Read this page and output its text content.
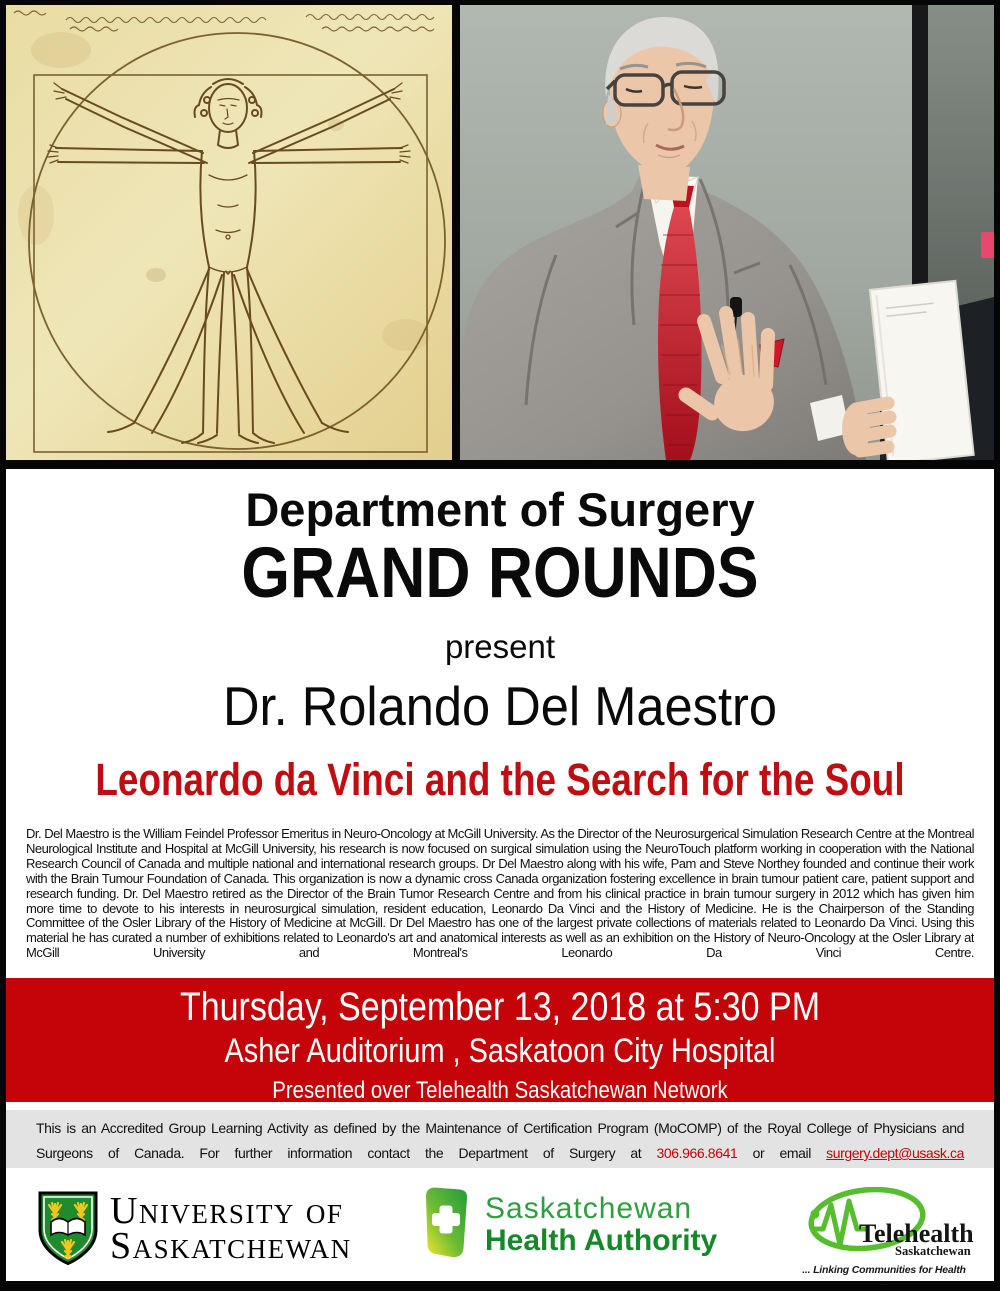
Department of Surgery
GRAND ROUNDS
present
Dr. Rolando Del Maestro
Leonardo da Vinci and the Search for the Soul

Dr. Del Maestro is the William Feindel Professor Emeritus in Neuro-Oncology at McGill University. As the Director of the Neurosurgerical Simulation Research Centre at the Montreal Neurological Institute and Hospital at McGill University, his research is now focused on surgical simulation using the NeuroTouch platform working in cooperation with the National Research Council of Canada and multiple national and international research groups. Dr Del Maestro along with his wife, Pam and Steve Northey founded and continue their work with the Brain Tumour Foundation of Canada. This organization is now a dynamic cross Canada organization fostering excellence in brain tumour patient care, patient support and research funding. Dr. Del Maestro retired as the Director of the Brain Tumor Research Centre and from his clinical practice in brain tumour surgery in 2012 which has given him more time to devote to his interests in neurosurgical simulation, resident education, Leonardo Da Vinci and the History of Medicine. He is the Chairperson of the Standing Committee of the Osler Library of the History of Medicine at McGill. Dr Del Maestro has one of the largest private collections of materials related to Leonardo Da Vinci. Using this material he has curated a number of exhibitions related to Leonardo's art and anatomical interests as well as an exhibition on the History of Neuro-Oncology at the Osler Library at McGill University and Montreal's Leonardo Da Vinci Centre.

Thursday, September 13, 2018 at 5:30 PM
Asher Auditorium , Saskatoon City Hospital
Presented over Telehealth Saskatchewan Network

This is an Accredited Group Learning Activity as defined by the Maintenance of Certification Program (MoCOMP) of the Royal College of Physicians and Surgeons of Canada. For further information contact the Department of Surgery at 306.966.8641 or email surgery.dept@usask.ca

University of
Saskatchewan
Saskatchewan
Health Authority	Telehealth
Saskatchewan
... Linking Communities for Health ...
